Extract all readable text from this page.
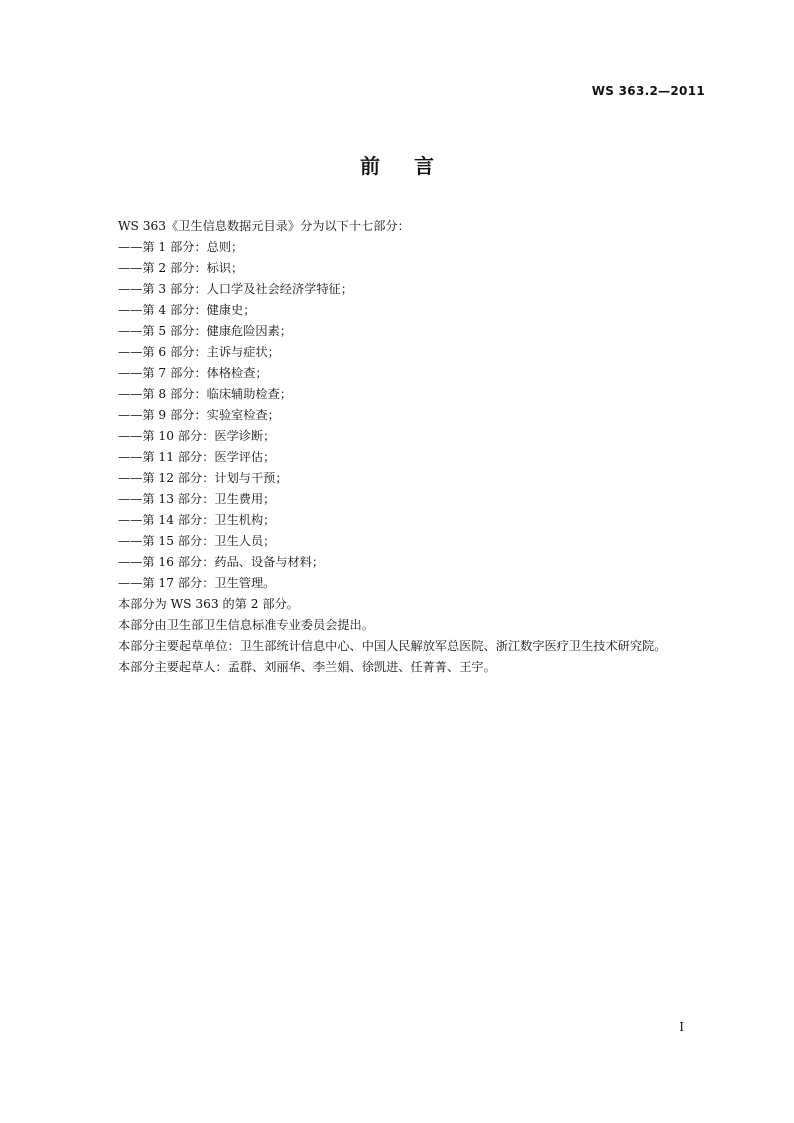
WS 363.2—2011
前言
WS 363《卫生信息数据元目录》分为以下十七部分：
——第 1 部分：总则；
——第 2 部分：标识；
——第 3 部分：人口学及社会经济学特征；
——第 4 部分：健康史；
——第 5 部分：健康危险因素；
——第 6 部分：主诉与症状；
——第 7 部分：体格检查；
——第 8 部分：临床辅助检查；
——第 9 部分：实验室检查；
——第 10 部分：医学诊断；
——第 11 部分：医学评估；
——第 12 部分：计划与干预；
——第 13 部分：卫生费用；
——第 14 部分：卫生机构；
——第 15 部分：卫生人员；
——第 16 部分：药品、设备与材料；
——第 17 部分：卫生管理。
本部分为 WS 363 的第 2 部分。
本部分由卫生部卫生信息标准专业委员会提出。
本部分主要起草单位：卫生部统计信息中心、中国人民解放军总医院、浙江数字医疗卫生技术研究院。
本部分主要起草人：孟群、刘丽华、李兰娟、徐凯进、任菁菁、王宇。
I
